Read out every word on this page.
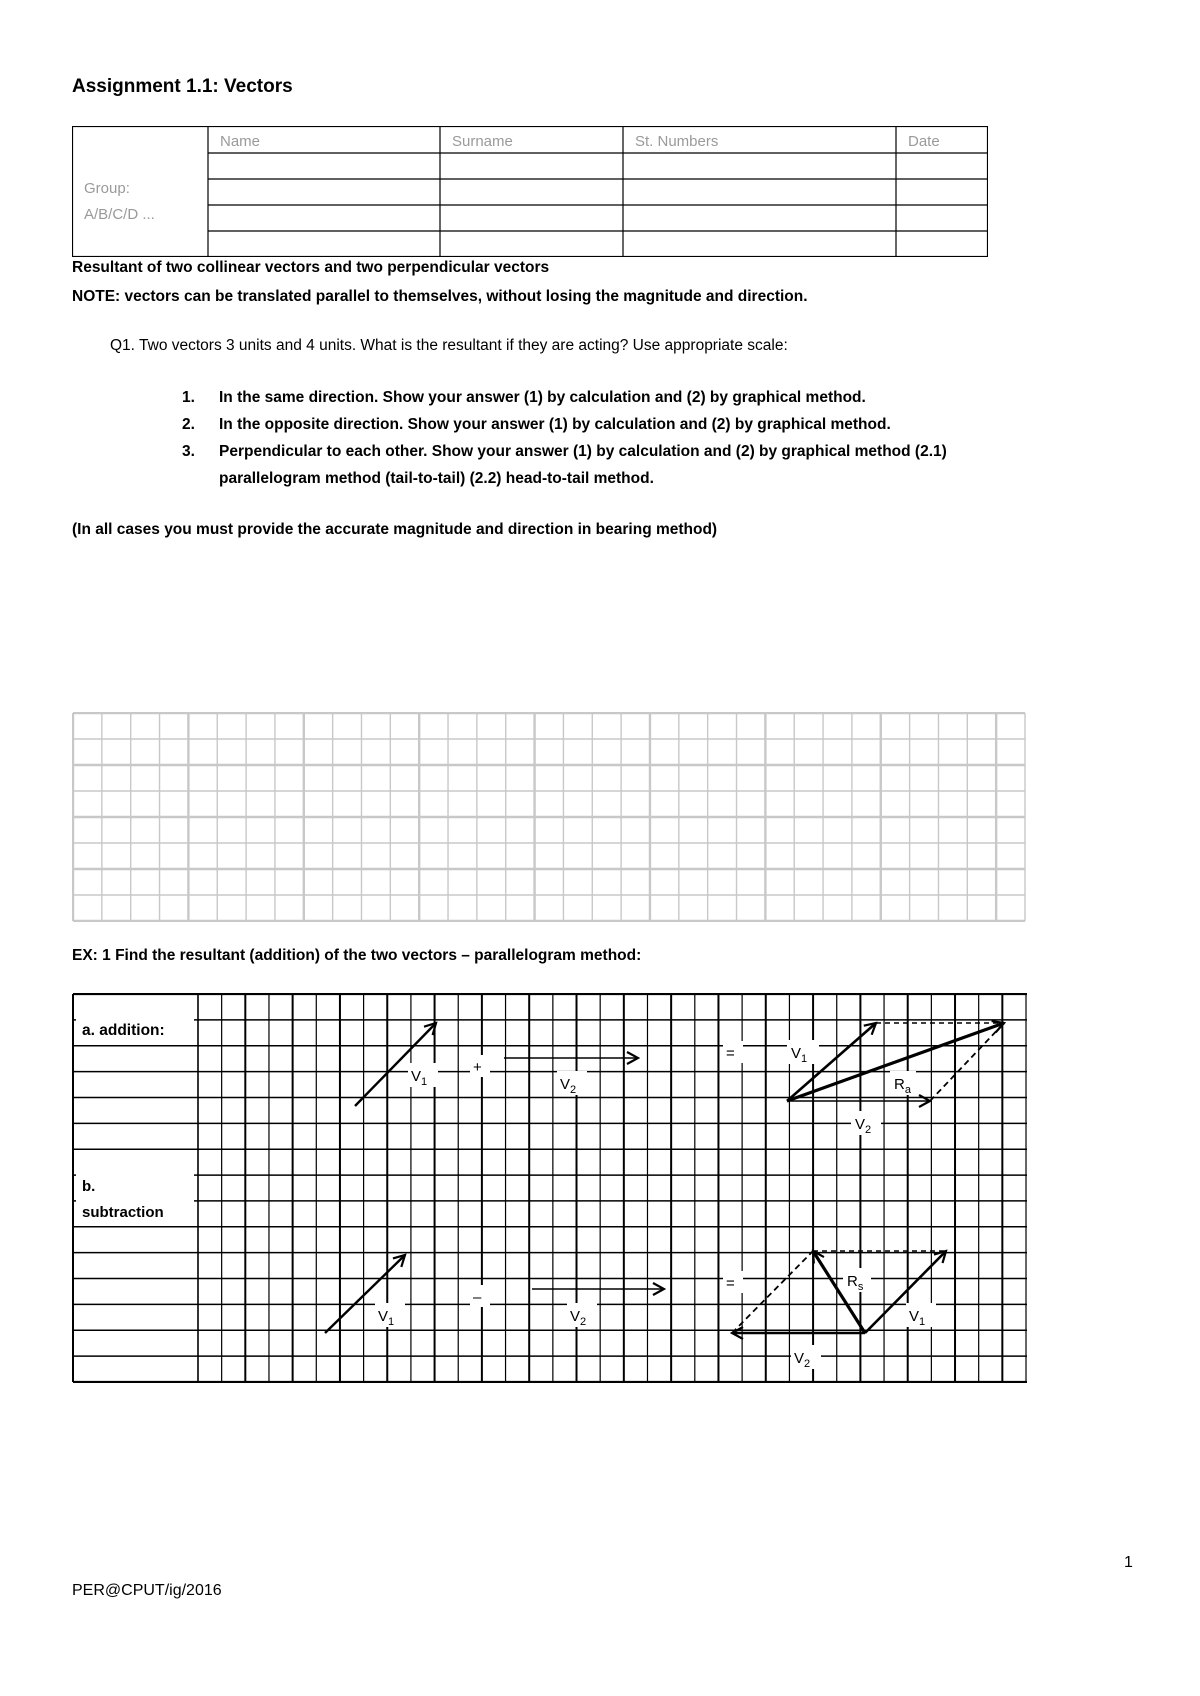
Assignment 1.1: Vectors
Name	Surname	St. Numbers	Date
Group:
A/B/C/D ...
Resultant of two collinear vectors and two perpendicular vectors
NOTE: vectors can be translated parallel to themselves, without losing the magnitude and direction.
Q1. Two vectors 3 units and 4 units. What is the resultant if they are acting? Use appropriate scale:
1. In the same direction. Show your answer (1) by calculation and (2) by graphical method.
2. In the opposite direction. Show your answer (1) by calculation and (2) by graphical method.
3. Perpendicular to each other. Show your answer (1) by calculation and (2) by graphical method (2.1) parallelogram method (tail-to-tail) (2.2) head-to-tail method.
(In all cases you must provide the accurate magnitude and direction in bearing method)
EX: 1 Find the resultant (addition) of the two vectors – parallelogram method:
a. addition:
b.
subtraction
$V_1$
+
$V_2$
=	$V_1$
$R_a$
$V_2$
$V_1$
–
$V_2$
=	$R_s$
$V_1$
$V_2$
1
PER@CPUT/ig/2016
